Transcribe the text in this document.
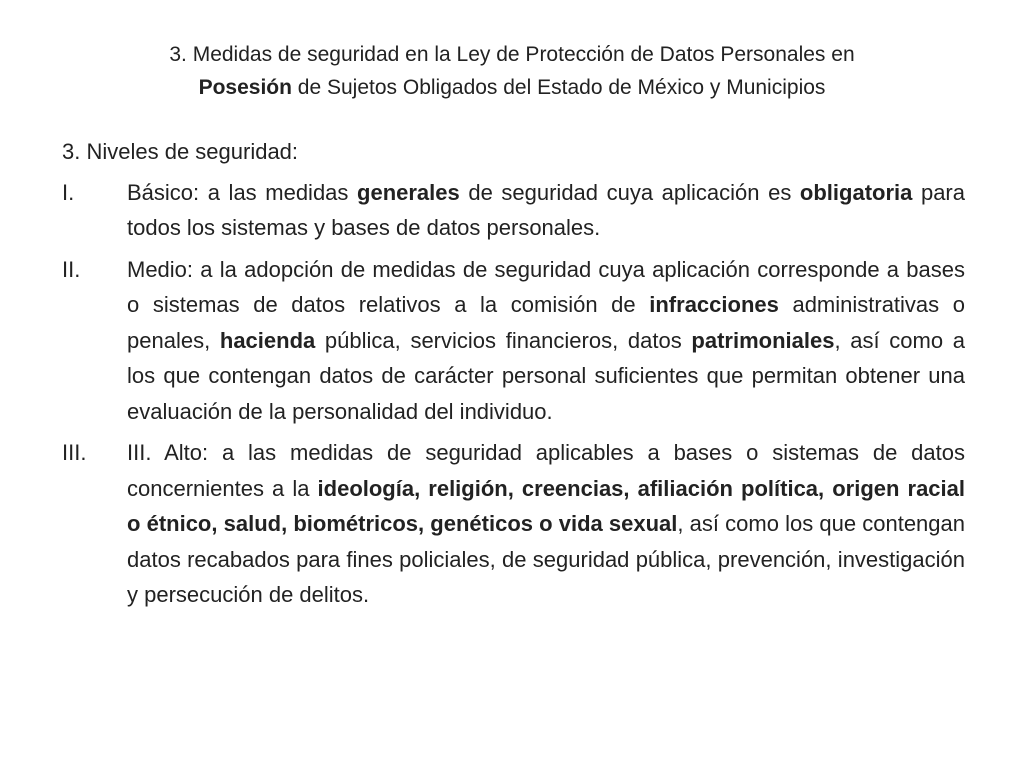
3. Medidas de seguridad en la Ley de Protección de Datos Personales en
Posesión de Sujetos Obligados del Estado de México y Municipios
3. Niveles de seguridad:
I. Básico: a las medidas generales de seguridad cuya aplicación es obligatoria para todos los sistemas y bases de datos personales.
II. Medio: a la adopción de medidas de seguridad cuya aplicación corresponde a bases o sistemas de datos relativos a la comisión de infracciones administrativas o penales, hacienda pública, servicios financieros, datos patrimoniales, así como a los que contengan datos de carácter personal suficientes que permitan obtener una evaluación de la personalidad del individuo.
III. III. Alto: a las medidas de seguridad aplicables a bases o sistemas de datos concernientes a la ideología, religión, creencias, afiliación política, origen racial o étnico, salud, biométricos, genéticos o vida sexual, así como los que contengan datos recabados para fines policiales, de seguridad pública, prevención, investigación y persecución de delitos.
